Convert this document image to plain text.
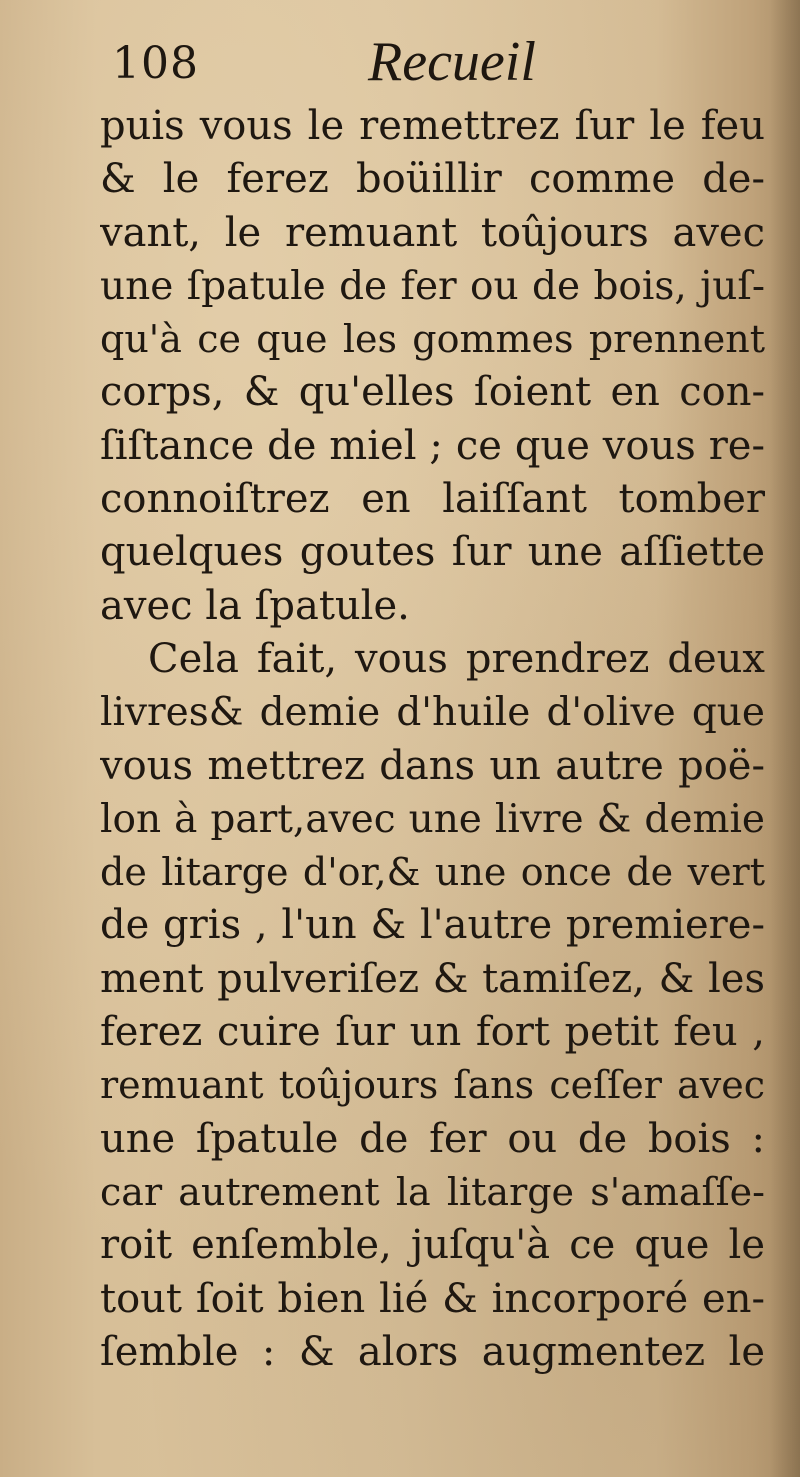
108	Recueil
puis vous le remettrez ſur le feu
& le ferez boüillir comme de-
vant, le remuant toûjours avec
une ſpatule de fer ou de bois, juſ-
qu'à ce que les gommes prennent
corps, & qu'elles ſoient en con-
ſiſtance de miel ; ce que vous re-
connoiſtrez en laiſſant tomber
quelques goutes ſur une aſſiette
avec la ſpatule.
Cela fait, vous prendrez deux
livres& demie d'huile d'olive que
vous mettrez dans un autre poë-
lon à part,avec une livre & demie
de litarge d'or,& une once de vert
de gris , l'un & l'autre premiere-
ment pulveriſez & tamiſez, & les
ferez cuire ſur un fort petit feu ,
remuant toûjours ſans ceſſer avec
une ſpatule de fer ou de bois :
car autrement la litarge s'amaſſe-
roit enſemble, juſqu'à ce que le
tout ſoit bien lié & incorporé en-
ſemble : & alors augmentez le
